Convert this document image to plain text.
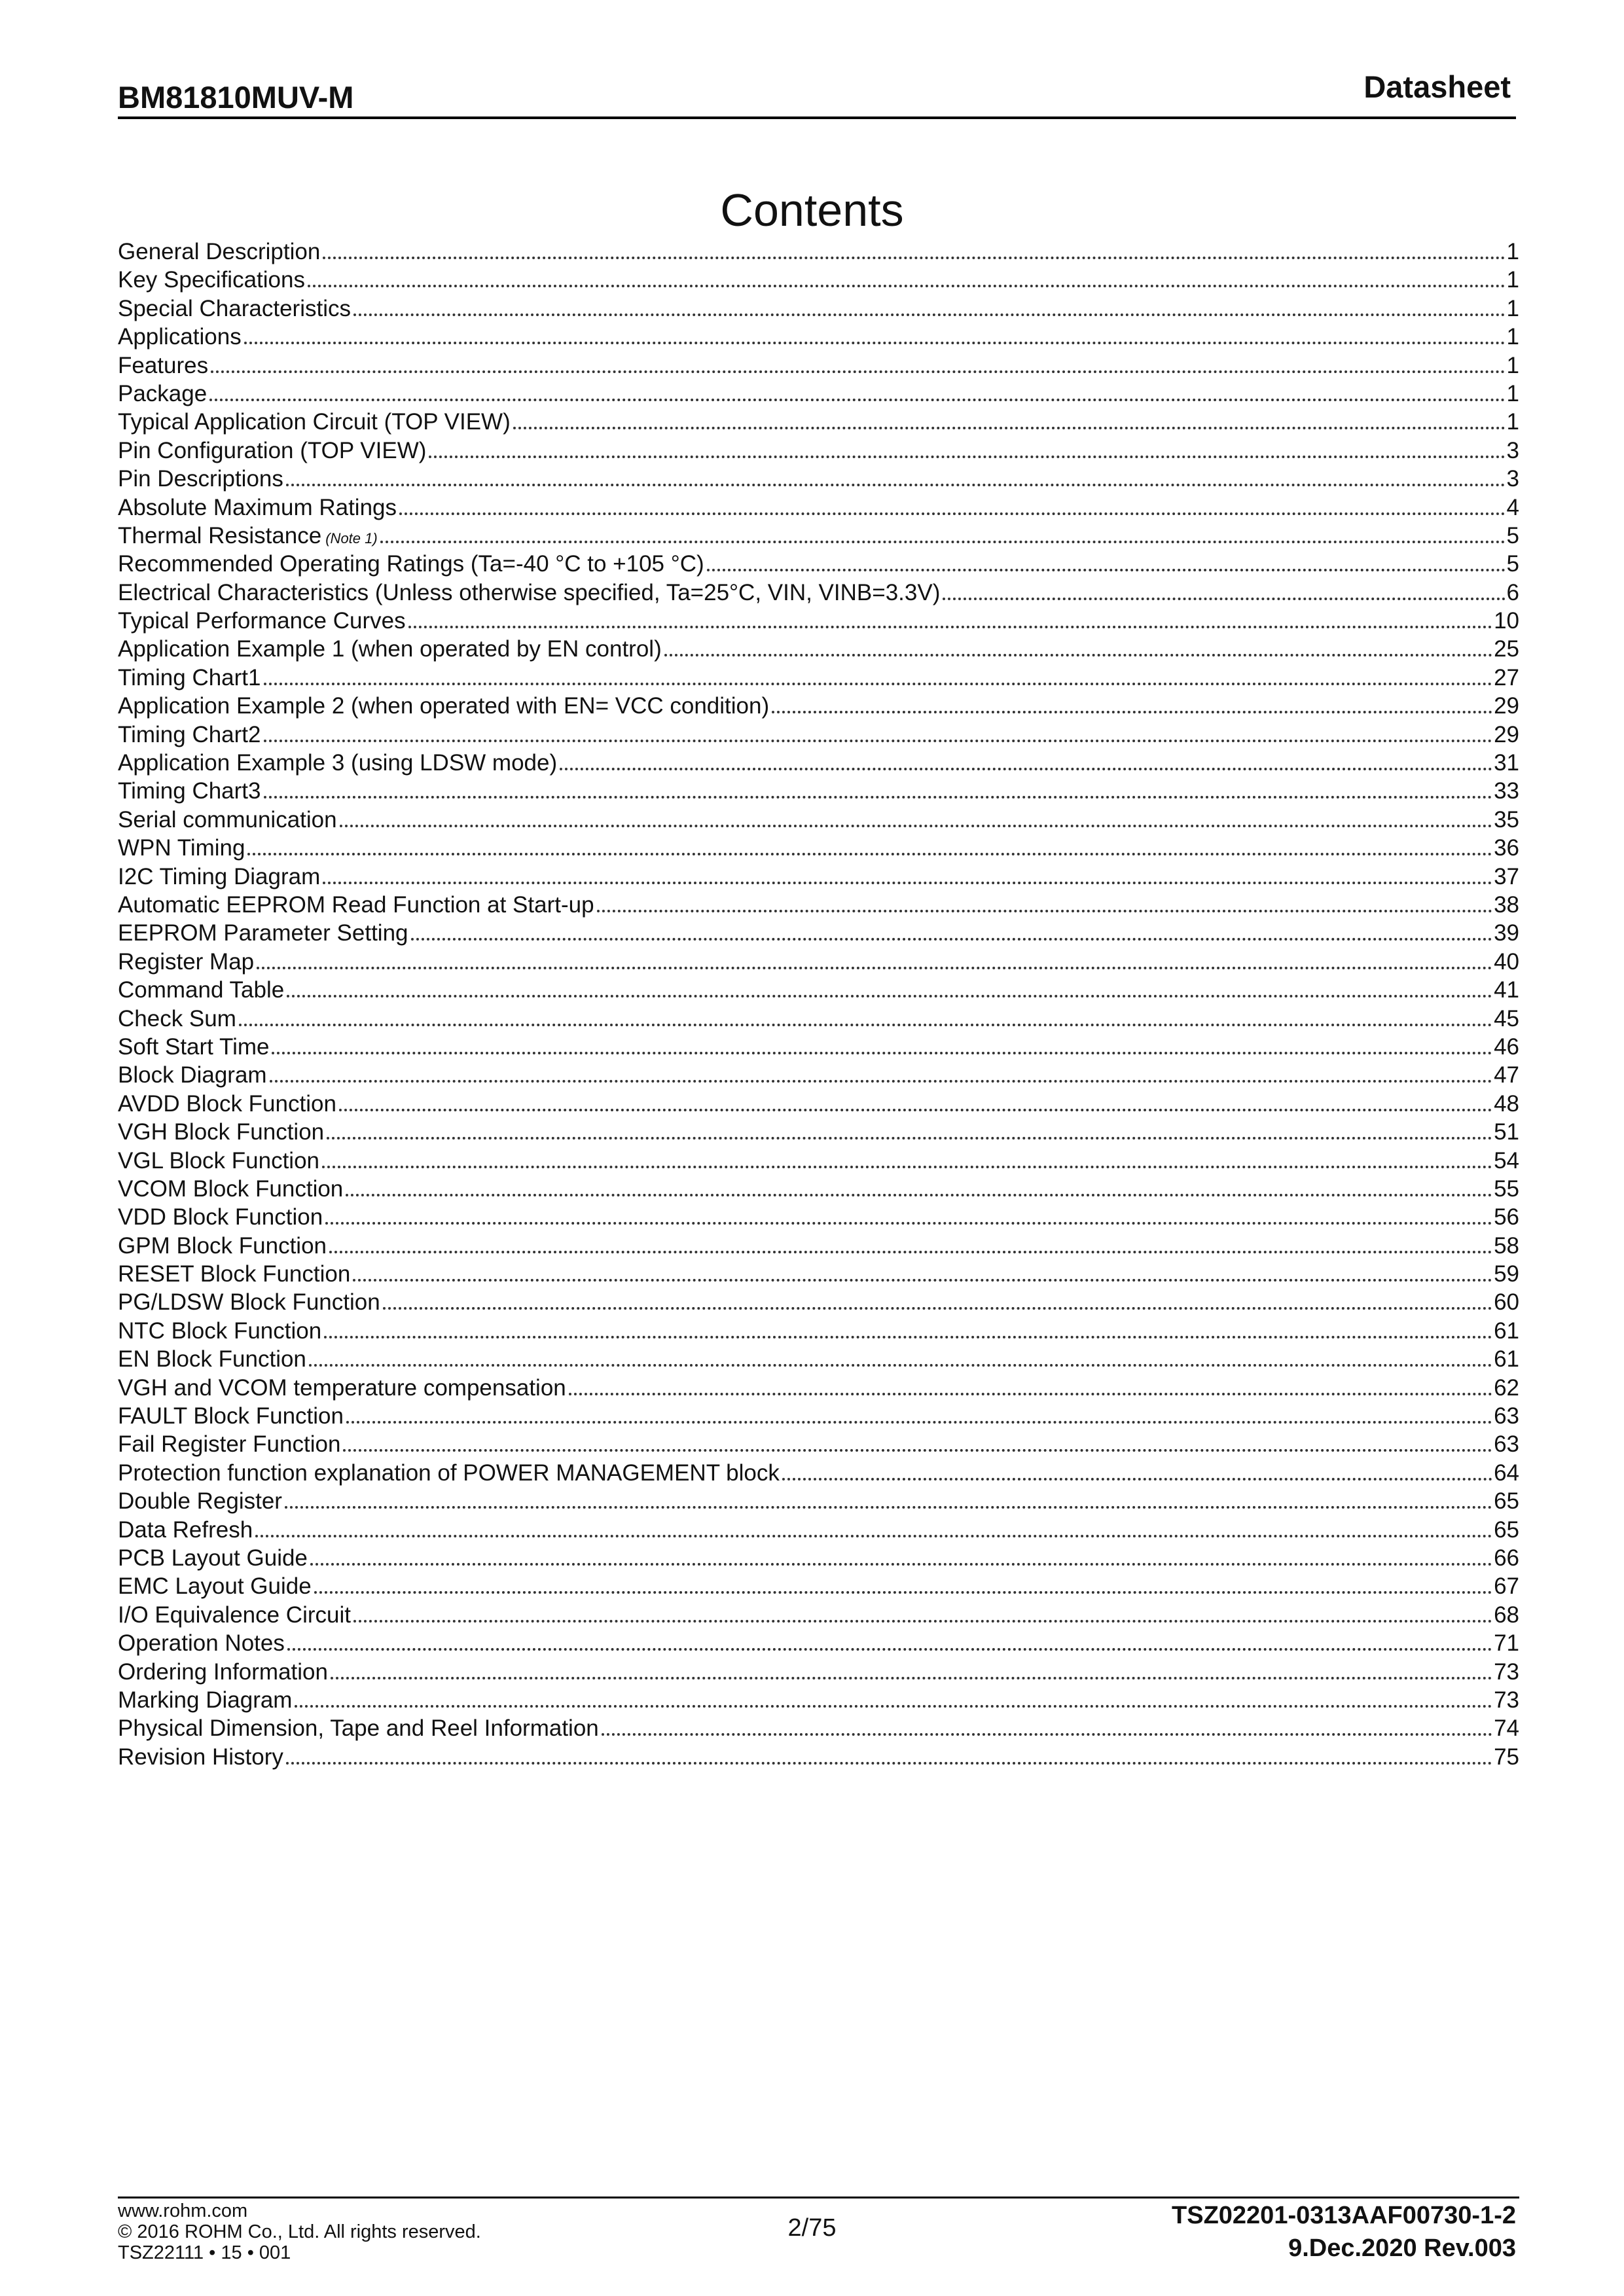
BM81810MUV-M	Datasheet
Contents
General Description	1
Key Specifications	1
Special Characteristics	1
Applications	1
Features	1
Package	1
Typical Application Circuit (TOP VIEW)	1
Pin Configuration (TOP VIEW)	3
Pin Descriptions	3
Absolute Maximum Ratings	4
Thermal Resistance (Note 1)	5
Recommended Operating Ratings (Ta=-40 °C to +105 °C)	5
Electrical Characteristics (Unless otherwise specified, Ta=25°C, VIN, VINB=3.3V)	6
Typical Performance Curves	10
Application Example 1 (when operated by EN control)	25
Timing Chart1	27
Application Example 2 (when operated with EN= VCC condition)	29
Timing Chart2	29
Application Example 3 (using LDSW mode)	31
Timing Chart3	33
Serial communication	35
WPN Timing	36
I2C Timing Diagram	37
Automatic EEPROM Read Function at Start-up	38
EEPROM Parameter Setting	39
Register Map	40
Command Table	41
Check Sum	45
Soft Start Time	46
Block Diagram	47
AVDD Block Function	48
VGH Block Function	51
VGL Block Function	54
VCOM Block Function	55
VDD Block Function	56
GPM Block Function	58
RESET Block Function	59
PG/LDSW Block Function	60
NTC Block Function	61
EN Block Function	61
VGH and VCOM temperature compensation	62
FAULT Block Function	63
Fail Register Function	63
Protection function explanation of POWER MANAGEMENT block	64
Double Register	65
Data Refresh	65
PCB Layout Guide	66
EMC Layout Guide	67
I/O Equivalence Circuit	68
Operation Notes	71
Ordering Information	73
Marking Diagram	73
Physical Dimension, Tape and Reel Information	74
Revision History	75
www.rohm.com
© 2016 ROHM Co., Ltd. All rights reserved.
TSZ22111 • 15 • 001
2/75	TSZ02201-0313AAF00730-1-2
9.Dec.2020 Rev.003
